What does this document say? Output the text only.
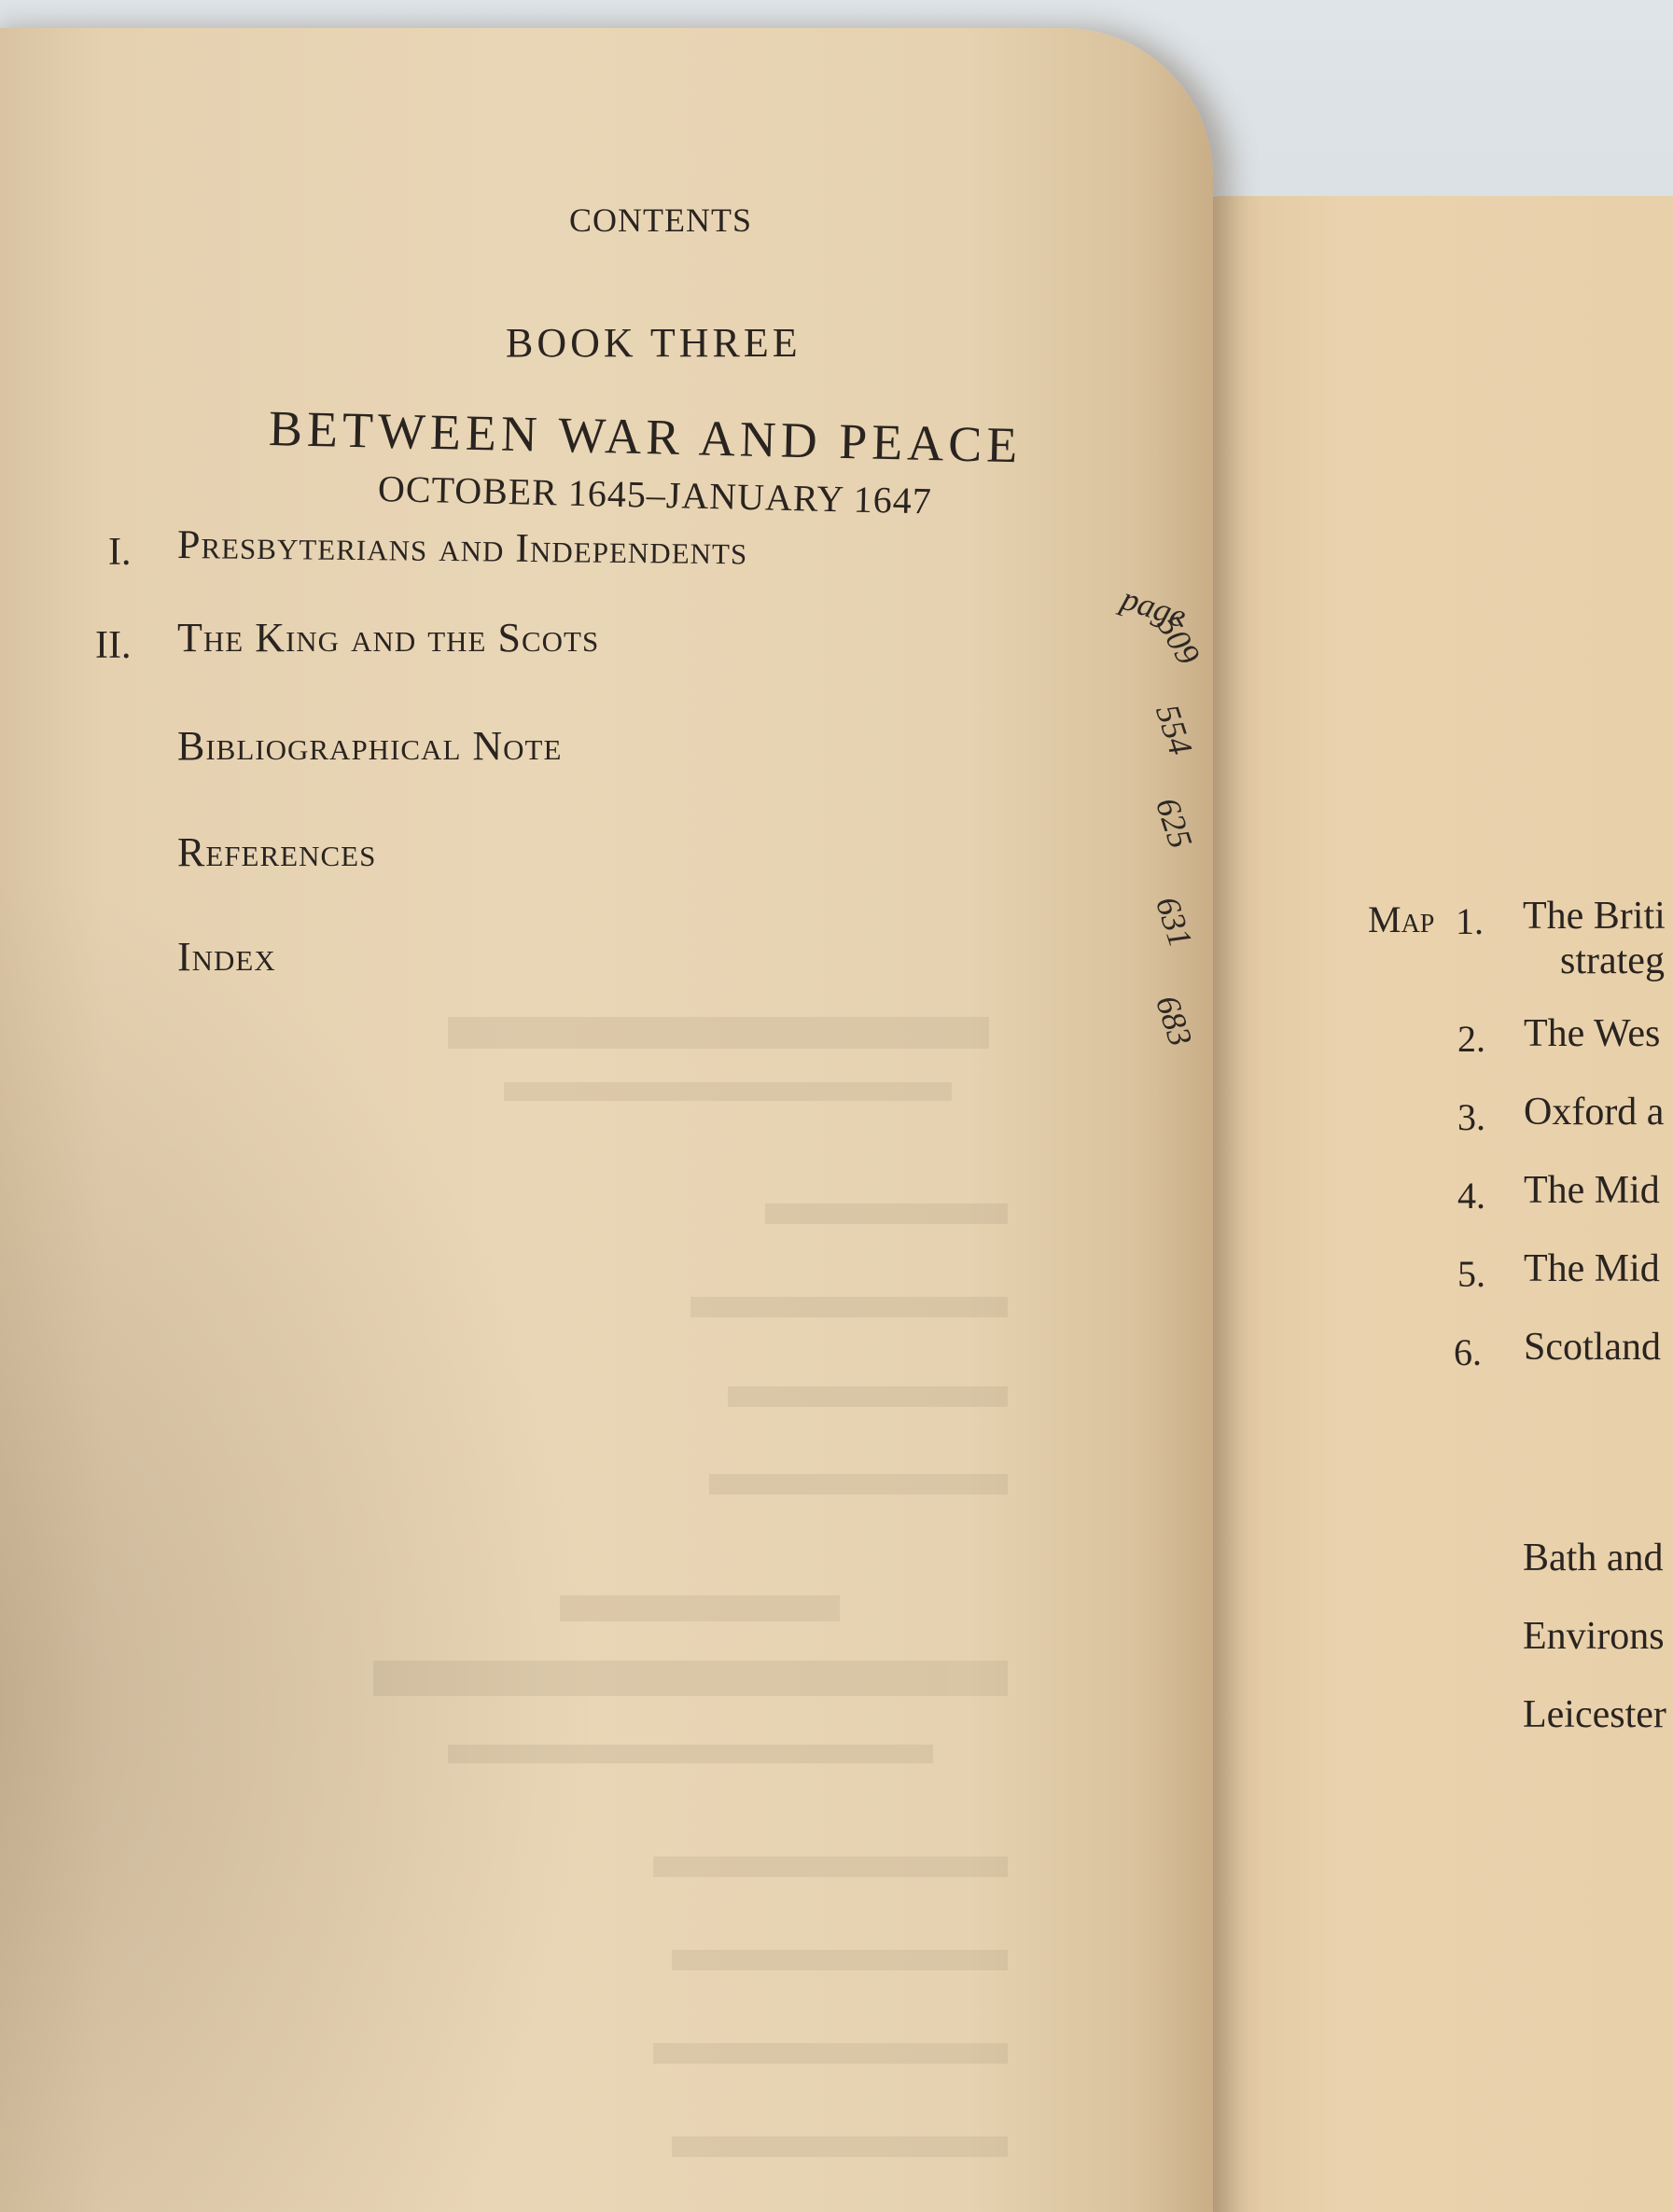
Map 1. The Briti
strateg
2. The Wes
3. Oxford a
4. The Mid
5. The Mid
6. Scotland
Bath and
Environs
Leicester
CONTENTS
BOOK THREE
BETWEEN WAR AND PEACE
OCTOBER 1645–JANUARY 1647
I. Presbyterians and Independents
page
509
II. The King and the Scots
554
Bibliographical Note
625
References
631
Index
683
